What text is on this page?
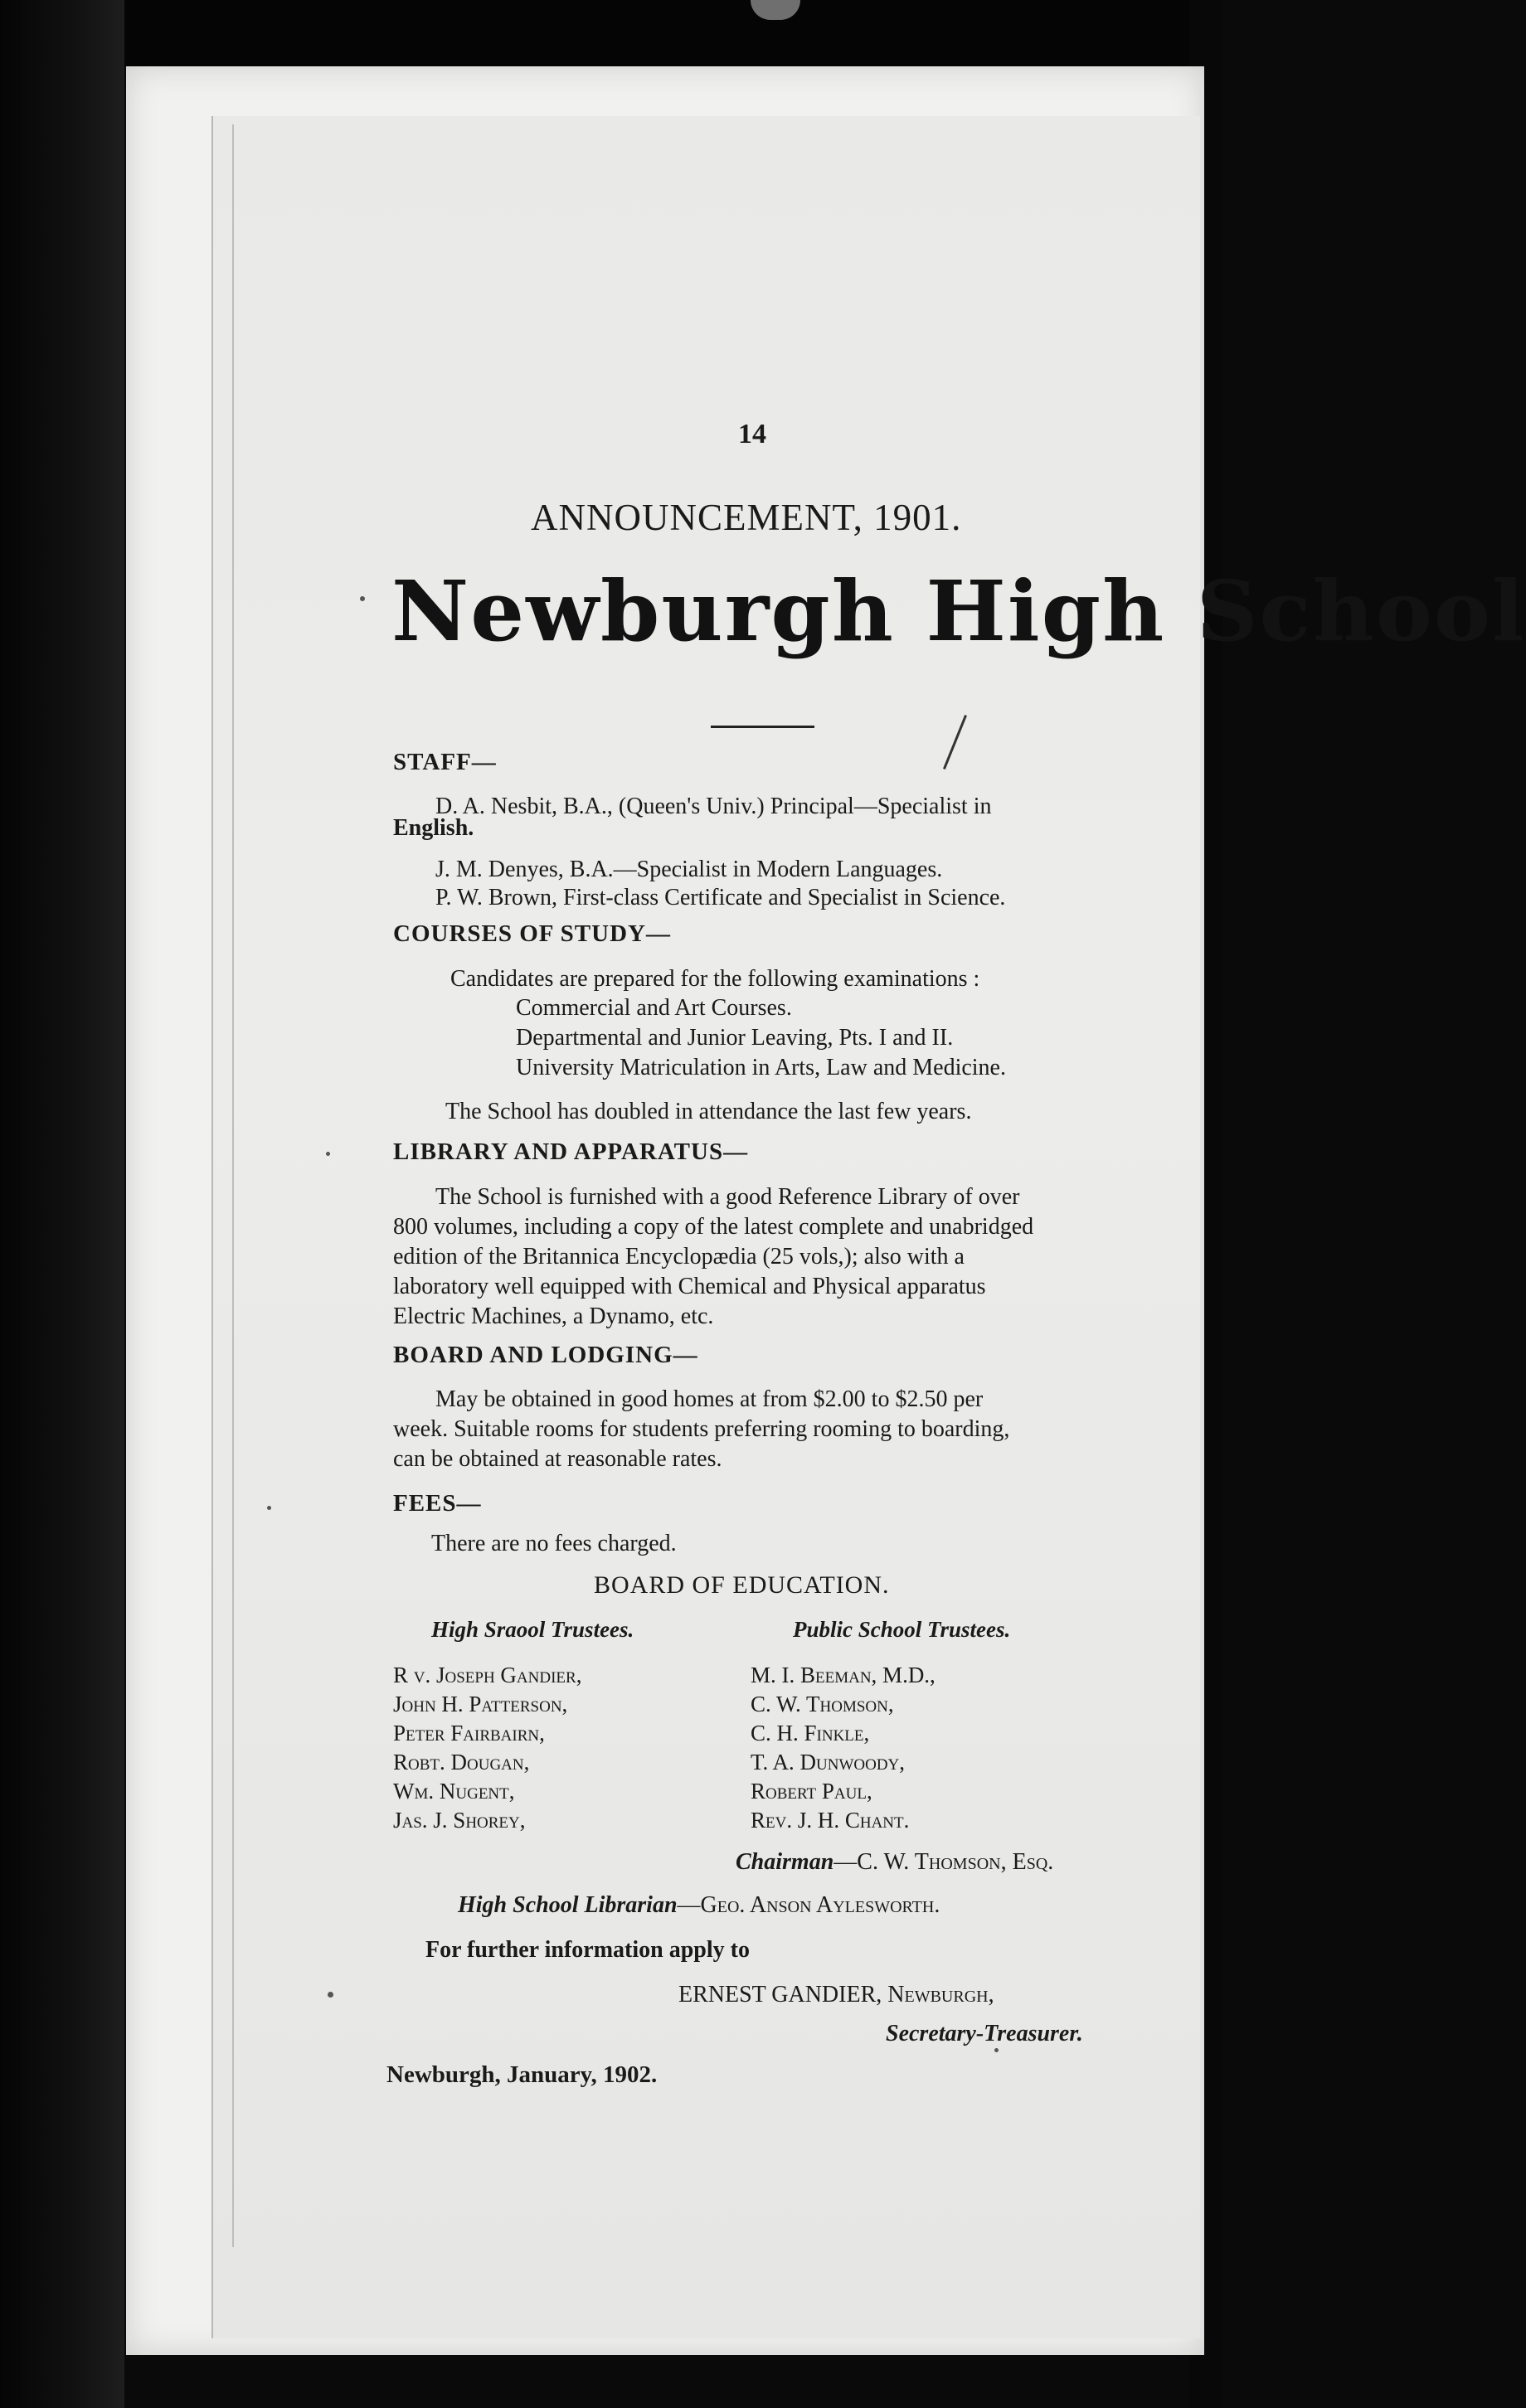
14
ANNOUNCEMENT, 1901.
Newburgh High School
STAFF—
D. A. Nesbit, B.A., (Queen's Univ.) Principal—Specialist in
English.
J. M. Denyes, B.A.—Specialist in Modern Languages.
P. W. Brown, First-class Certificate and Specialist in Science.
COURSES OF STUDY—
Candidates are prepared for the following examinations :
Commercial and Art Courses.
Departmental and Junior Leaving, Pts. I and II.
University Matriculation in Arts, Law and Medicine.
The School has doubled in attendance the last few years.
LIBRARY AND APPARATUS—
The School is furnished with a good Reference Library of over
800 volumes, including a copy of the latest complete and unabridged
edition of the Britannica Encyclopædia (25 vols,); also with a
laboratory well equipped with Chemical and Physical apparatus
Electric Machines, a Dynamo, etc.
BOARD AND LODGING—
May be obtained in good homes at from $2.00 to $2.50 per
week. Suitable rooms for students preferring rooming to boarding,
can be obtained at reasonable rates.
FEES—
There are no fees charged.
BOARD OF EDUCATION.
High Sraool Trustees.	Public School Trustees.
R v. Joseph Gandier,
John H. Patterson,
Peter Fairbairn,
Robt. Dougan,
Wm. Nugent,
Jas. J. Shorey,
M. I. Beeman, M.D.,
C. W. Thomson,
C. H. Finkle,
T. A. Dunwoody,
Robert Paul,
Rev. J. H. Chant.
Chairman—C. W. Thomson, Esq.
High School Librarian—Geo. Anson Aylesworth.
For further information apply to
ERNEST GANDIER, Newburgh,
Secretary-Treasurer.
Newburgh, January, 1902.
